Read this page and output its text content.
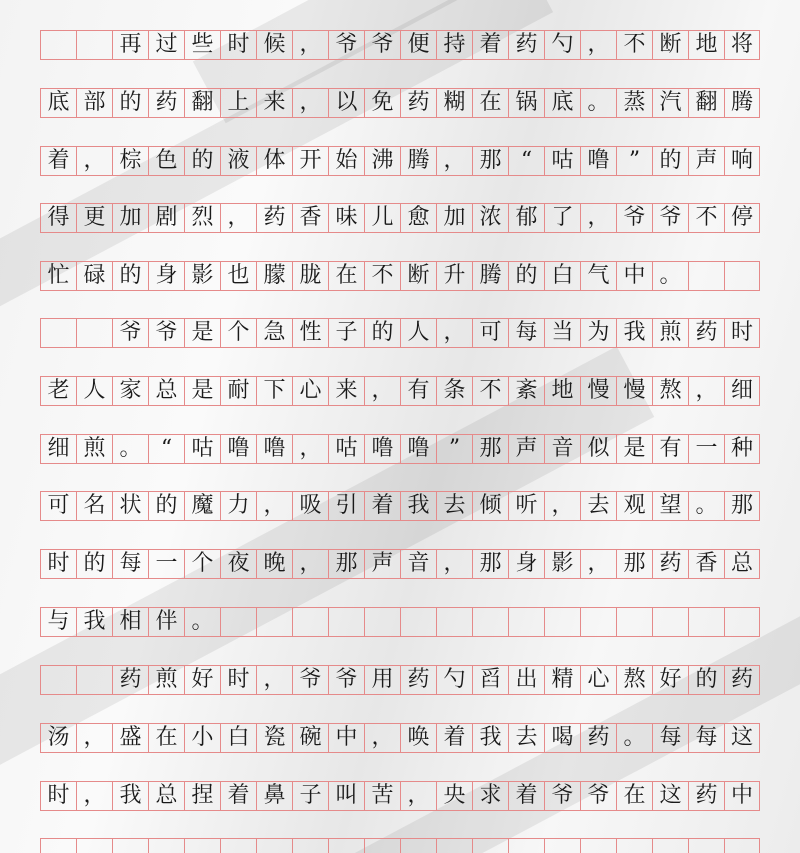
再 过 些 时 候 ， 爷 爷 便 持 着 药 勺 ， 不 断 地 将
底 部 的 药 翻 上 来 ， 以 免 药 糊 在 锅 底 。 蒸 汽 翻 腾
着 ， 棕 色 的 液 体 开 始 沸 腾 ， 那 “ 咕 噜 ” 的 声 响
得 更 加 剧 烈 ， 药 香 味 儿 愈 加 浓 郁 了 ， 爷 爷 不 停
忙 碌 的 身 影 也 朦 胧 在 不 断 升 腾 的 白 气 中 。
爷 爷 是 个 急 性 子 的 人 ， 可 每 当 为 我 煎 药 时
老 人 家 总 是 耐 下 心 来 ， 有 条 不 紊 地 慢 慢 熬 ， 细
细 煎 。 “ 咕 噜 噜 ， 咕 噜 噜 ” 那 声 音 似 是 有 一 种
可 名 状 的 魔 力 ， 吸 引 着 我 去 倾 听 ， 去 观 望 。 那
时 的 每 一 个 夜 晚 ， 那 声 音 ， 那 身 影 ， 那 药 香 总
与 我 相 伴 。
药 煎 好 时 ， 爷 爷 用 药 勺 舀 出 精 心 熬 好 的 药
汤 ， 盛 在 小 白 瓷 碗 中 ， 唤 着 我 去 喝 药 。 每 每 这
时 ， 我 总 捏 着 鼻 子 叫 苦 ， 央 求 着 爷 爷 在 这 药 中
